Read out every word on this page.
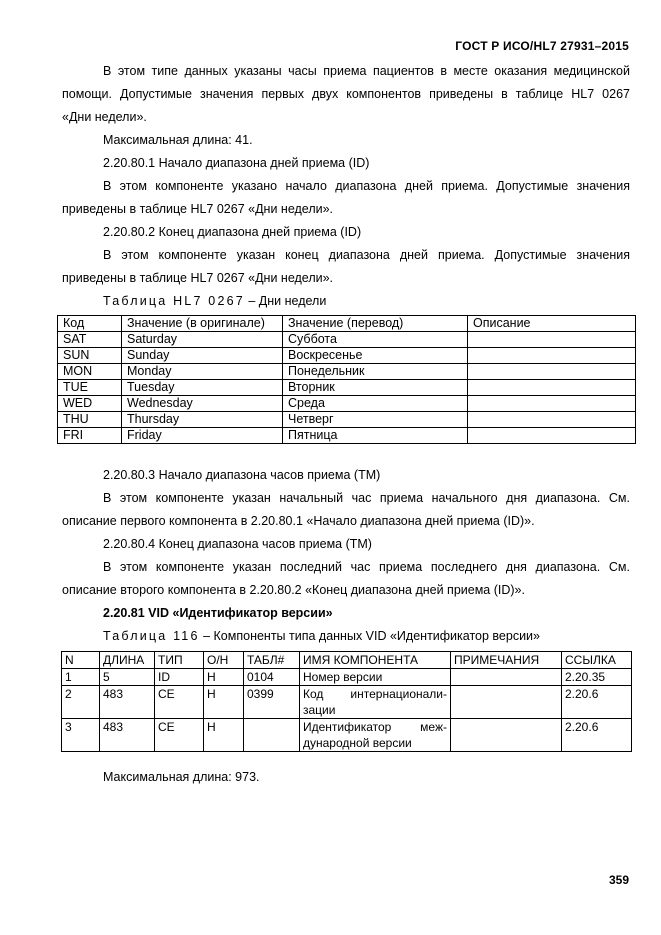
ГОСТ Р ИСО/HL7 27931–2015
В этом типе данных указаны часы приема пациентов в месте оказания медицинской
помощи. Допустимые значения первых двух компонентов приведены в таблице HL7 0267
«Дни недели».
Максимальная длина: 41.
2.20.80.1 Начало диапазона дней приема (ID)
В этом компоненте указано начало диапазона дней приема. Допустимые значения
приведены в таблице HL7 0267 «Дни недели».
2.20.80.2 Конец диапазона дней приема (ID)
В этом компоненте указан конец диапазона дней приема. Допустимые значения
приведены в таблице HL7 0267 «Дни недели».
Таблица HL7 0267 – Дни недели
Код	Значение (в оригинале)	Значение (перевод)	Описание
SAT	Saturday	Суббота	
SUN	Sunday	Воскресенье	
MON	Monday	Понедельник	
TUE	Tuesday	Вторник	
WED	Wednesday	Среда	
THU	Thursday	Четверг	
FRI	Friday	Пятница	
2.20.80.3 Начало диапазона часов приема (TM)
В этом компоненте указан начальный час приема начального дня диапазона. См.
описание первого компонента в 2.20.80.1 «Начало диапазона дней приема (ID)».
2.20.80.4 Конец диапазона часов приема (TM)
В этом компоненте указан последний час приема последнего дня диапазона. См.
описание второго компонента в 2.20.80.2 «Конец диапазона дней приема (ID)».
2.20.81 VID «Идентификатор версии»
Таблица 116 – Компоненты типа данных VID «Идентификатор версии»
N	ДЛИНА	ТИП	О/Н	ТАБЛ#	ИМЯ КОМПОНЕНТА	ПРИМЕЧАНИЯ	ССЫЛКА
1	5	ID	Н	0104	Номер версии		2.20.35
2	483	CE	Н	0399	Код интернационали-
зации		2.20.6
3	483	CE	Н		Идентификатор меж-
дународной версии		2.20.6
Максимальная длина: 973.
359
